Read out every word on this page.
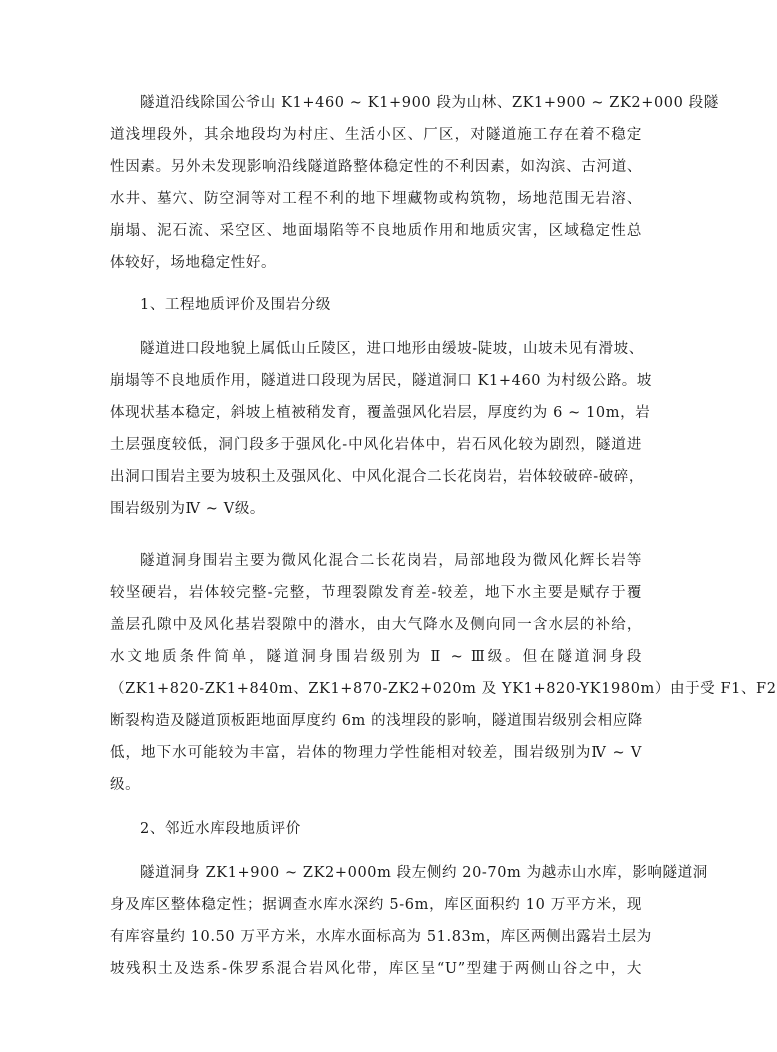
隧道沿线除国公爷山 K1+460 ~ K1+900 段为山林、ZK1+900 ~ ZK2+000 段隧
道浅埋段外，其余地段均为村庄、生活小区、厂区，对隧道施工存在着不稳定
性因素。另外未发现影响沿线隧道路整体稳定性的不利因素，如沟滨、古河道、
水井、墓穴、防空洞等对工程不利的地下埋藏物或构筑物，场地范围无岩溶、
崩塌、泥石流、采空区、地面塌陷等不良地质作用和地质灾害，区域稳定性总
体较好，场地稳定性好。
1、工程地质评价及围岩分级
隧道进口段地貌上属低山丘陵区，进口地形由缓坡-陡坡，山坡未见有滑坡、
崩塌等不良地质作用，隧道进口段现为居民，隧道洞口 K1+460 为村级公路。坡
体现状基本稳定，斜坡上植被稍发育，覆盖强风化岩层，厚度约为 6 ~ 10m，岩
土层强度较低，洞门段多于强风化-中风化岩体中，岩石风化较为剧烈，隧道进
出洞口围岩主要为坡积土及强风化、中风化混合二长花岗岩，岩体较破碎-破碎，
围岩级别为Ⅳ ~ Ⅴ级。
隧道洞身围岩主要为微风化混合二长花岗岩，局部地段为微风化辉长岩等
较坚硬岩，岩体较完整-完整，节理裂隙发育差-较差，地下水主要是赋存于覆
盖层孔隙中及风化基岩裂隙中的潜水，由大气降水及侧向同一含水层的补给，
水文地质条件简单，隧道洞身围岩级别为 Ⅱ ~ Ⅲ级。但在隧道洞身段
（ZK1+820-ZK1+840m、ZK1+870-ZK2+020m 及 YK1+820-YK1980m）由于受 F1、F2
断裂构造及隧道顶板距地面厚度约 6m 的浅埋段的影响，隧道围岩级别会相应降
低，地下水可能较为丰富，岩体的物理力学性能相对较差，围岩级别为Ⅳ ~ Ⅴ
级。
2、邻近水库段地质评价
隧道洞身 ZK1+900 ~ ZK2+000m 段左侧约 20-70m 为越赤山水库，影响隧道洞
身及库区整体稳定性；据调查水库水深约 5-6m，库区面积约 10 万平方米，现
有库容量约 10.50 万平方米，水库水面标高为 51.83m，库区两侧出露岩土层为
坡残积土及迭系-侏罗系混合岩风化带，库区呈“U”型建于两侧山谷之中，大
